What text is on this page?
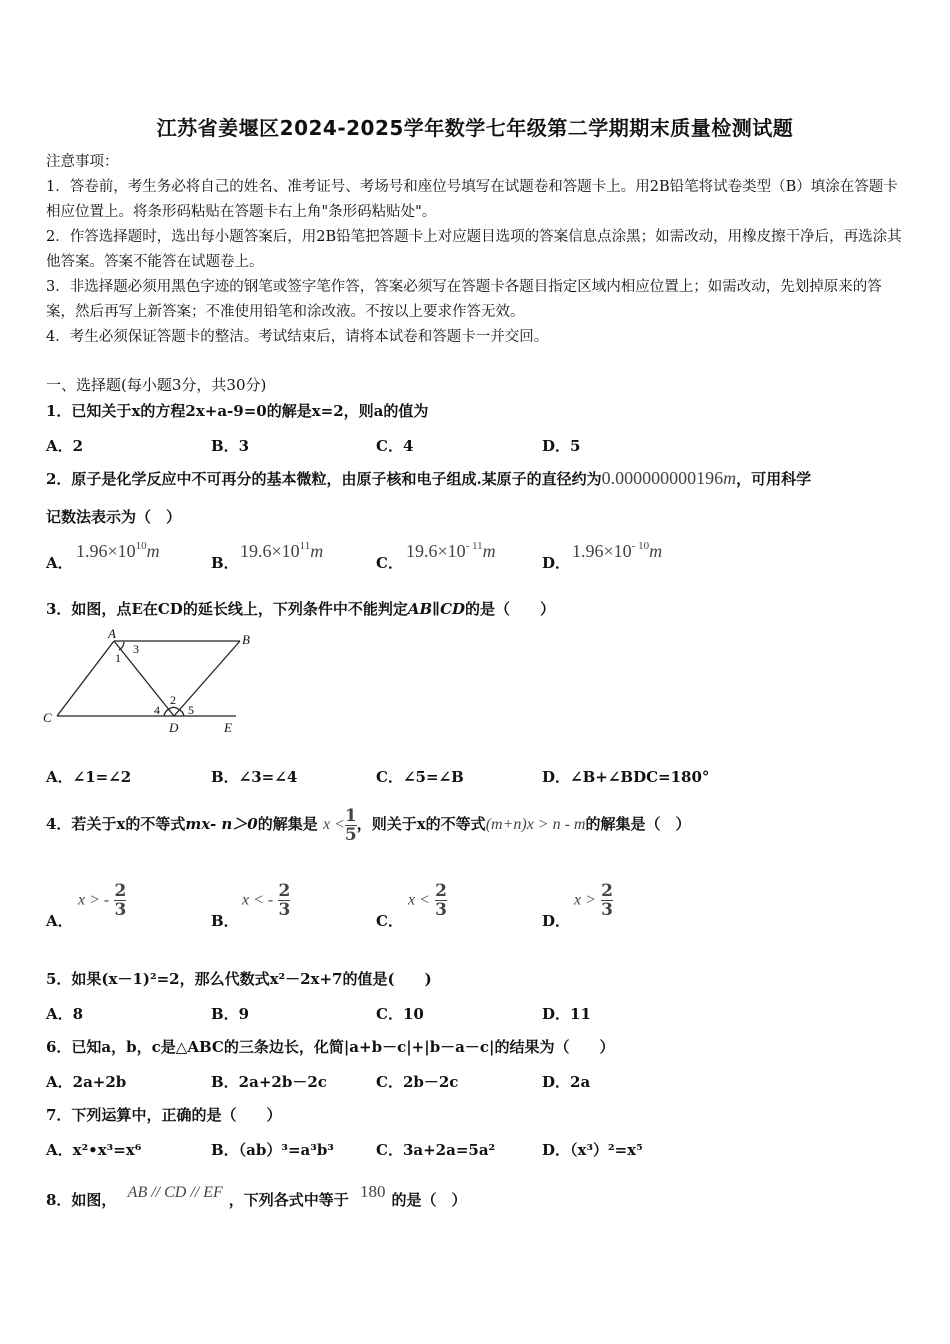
江苏省姜堰区2024-2025学年数学七年级第二学期期末质量检测试题
注意事项：
1．答卷前，考生务必将自己的姓名、准考证号、考场号和座位号填写在试题卷和答题卡上。用2B铅笔将试卷类型（B）填涂在答题卡相应位置上。将条形码粘贴在答题卡右上角"条形码粘贴处"。
2．作答选择题时，选出每小题答案后，用2B铅笔把答题卡上对应题目选项的答案信息点涂黑；如需改动，用橡皮擦干净后，再选涂其他答案。答案不能答在试题卷上。
3．非选择题必须用黑色字迹的钢笔或签字笔作答，答案必须写在答题卡各题目指定区域内相应位置上；如需改动，先划掉原来的答案，然后再写上新答案；不准使用铅笔和涂改液。不按以上要求作答无效。
4．考生必须保证答题卡的整洁。考试结束后，请将本试卷和答题卡一并交回。
一、选择题(每小题3分，共30分)
1．已知关于x的方程2x+a-9=0的解是x=2，则a的值为
A．2	B．3	C．4	D．5
2．原子是化学反应中不可再分的基本微粒，由原子核和电子组成.某原子的直径约为0.000000000196m，可用科学
记数法表示为（　）
A．
$1.96\times 10^{10}m$
B．
$19.6\times 10^{11}m$
C．
$19.6\times 10^{- 11}m$
D．
$1.96\times 10^{- 10}m$
3．如图，点E在CD的延长线上，下列条件中不能判定AB∥CD的是（　　）
A	B
C
D	E
1
3
2
4 5
A．∠1=∠2	B．∠3=∠4	C．∠5=∠B	D．∠B+∠BDC=180°
4．若关于x的不等式mx- n＞0的解集是 $x < \frac{1}{5}$ ，则关于x的不等式(m+n)x > n - m的解集是（　）
A．
x > - $\frac{2}{3}$
B．
x < - $\frac{2}{3}$
C．
$x < \frac{2}{3}$
D．
$x > \frac{2}{3}$
5．如果(x－1)²=2，那么代数式x²－2x+7的值是(　　)
A．8	B．9	C．10	D．11
6．已知a，b，c是△ABC的三条边长，化简|a+b－c|+|b－a－c|的结果为（　　）
A．2a+2b	B．2a+2b－2c	C．2b－2c	D．2a
7．下列运算中，正确的是（　　）
A．x²•x³=x⁶	B．（ab）³=a³b³	C．3a+2a=5a²	D．（x³）²=x⁵
8．如图， AB // CD // EF ，下列各式中等于 180 的是（　）
